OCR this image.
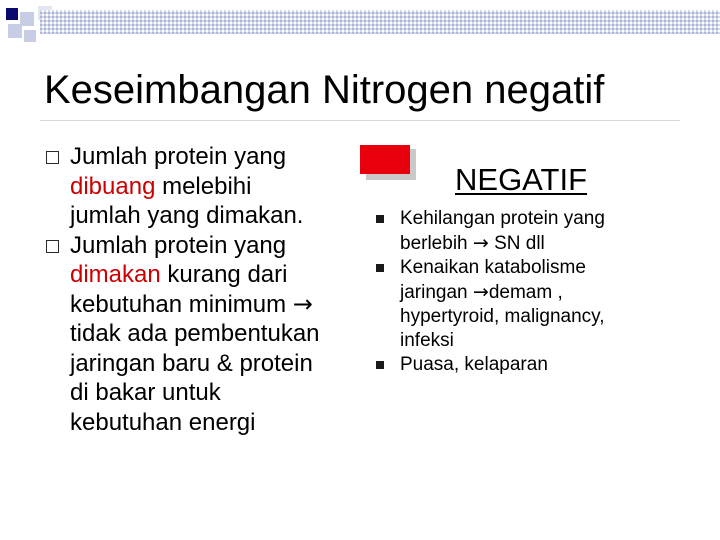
Keseimbangan Nitrogen negatif
Jumlah protein yang
dibuang melebihi
jumlah yang dimakan.
Jumlah protein yang
dimakan kurang dari
kebutuhan minimum →
tidak ada pembentukan
jaringan baru & protein
di bakar untuk
kebutuhan energi
NEGATIF
Kehilangan protein yang
berlebih → SN dll
Kenaikan katabolisme
jaringan →demam ,
hypertyroid, malignancy,
infeksi
Puasa, kelaparan
